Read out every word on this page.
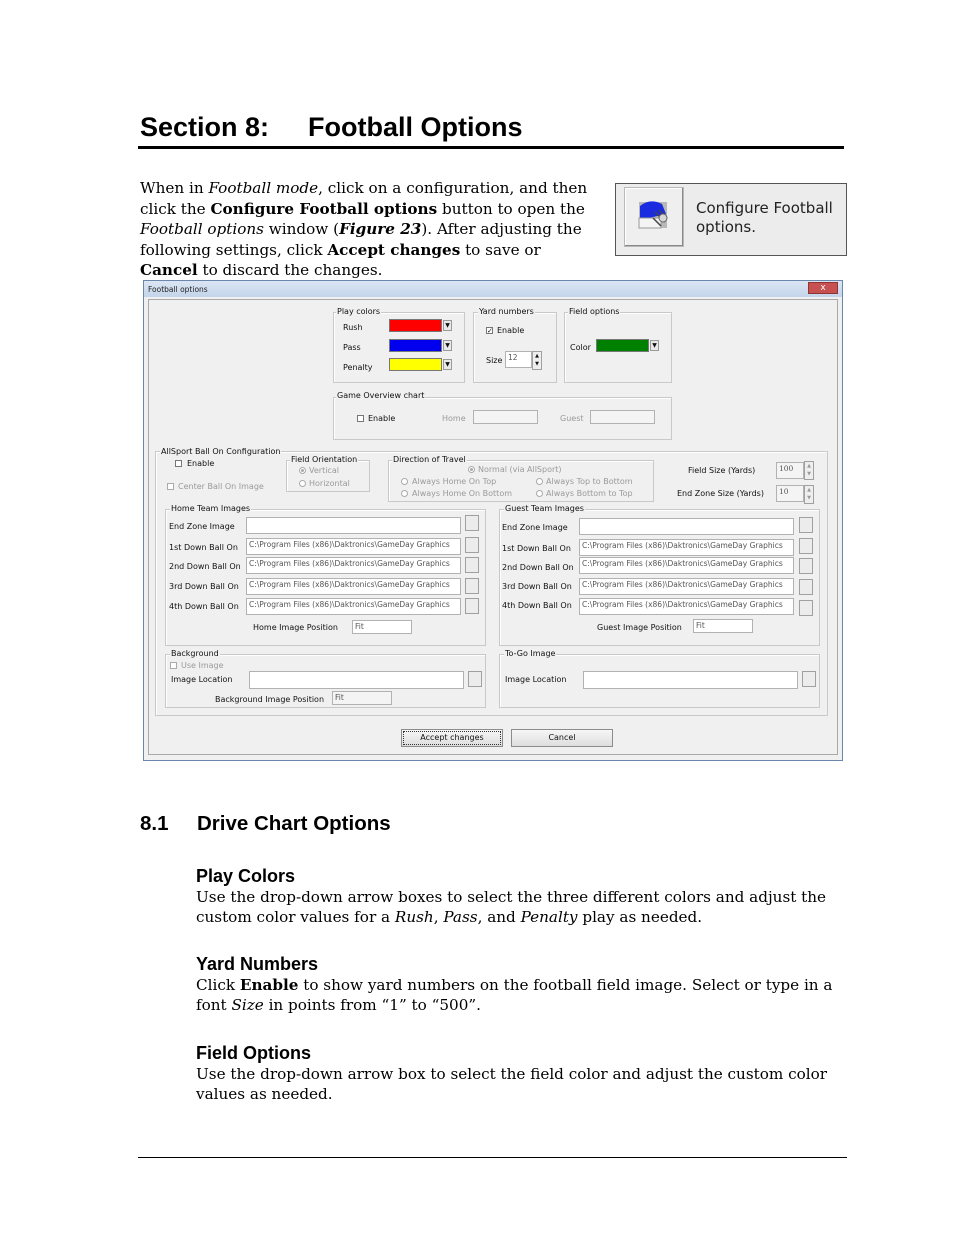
Section 8: Football Options

When in Football mode, click on a configuration, and then click the Configure Football options button to open the Football options window (Figure 23). After adjusting the following settings, click Accept changes to save or Cancel to discard the changes.

Configure Football
options.
Football options	x
Play colors
Rush
Pass
Penalty
▼
▼
▼
Yard numbers
✓ Enable
Size 12	▲
▼
Field options
Color	▼
Game Overview chart
Enable	Home	Guest
AllSport Ball On Configuration
Enable
Center Ball On Image
Field Orientation
Vertical
Horizontal
Direction of Travel
Normal (via AllSport)
Always Home On Top
Always Home On Bottom
Always Top to Bottom
Always Bottom to Top
Field Size (Yards)	100	▲
▼
End Zone Size (Yards)	10	▲
▼
Home Team Images
End Zone Image
1st Down Ball On	C:\Program Files (x86)\Daktronics\GameDay Graphics
2nd Down Ball On	C:\Program Files (x86)\Daktronics\GameDay Graphics
3rd Down Ball On	C:\Program Files (x86)\Daktronics\GameDay Graphics
4th Down Ball On	C:\Program Files (x86)\Daktronics\GameDay Graphics
Home Image Position	Fit
Guest Team Images
End Zone Image
1st Down Ball On	C:\Program Files (x86)\Daktronics\GameDay Graphics
2nd Down Ball On	C:\Program Files (x86)\Daktronics\GameDay Graphics
3rd Down Ball On	C:\Program Files (x86)\Daktronics\GameDay Graphics
4th Down Ball On	C:\Program Files (x86)\Daktronics\GameDay Graphics
Guest Image Position	Fit
Background
Use Image
Image Location
Background Image Position	Fit
To-Go Image
Image Location
Accept changes	Cancel
8.1 Drive Chart Options
Play Colors

Use the drop-down arrow boxes to select the three different colors and adjust the custom color values for a Rush, Pass, and Penalty play as needed.

Yard Numbers

Click Enable to show yard numbers on the football field image. Select or type in a font Size in points from “1” to “500”.

Field Options

Use the drop-down arrow box to select the field color and adjust the custom color values as needed.
